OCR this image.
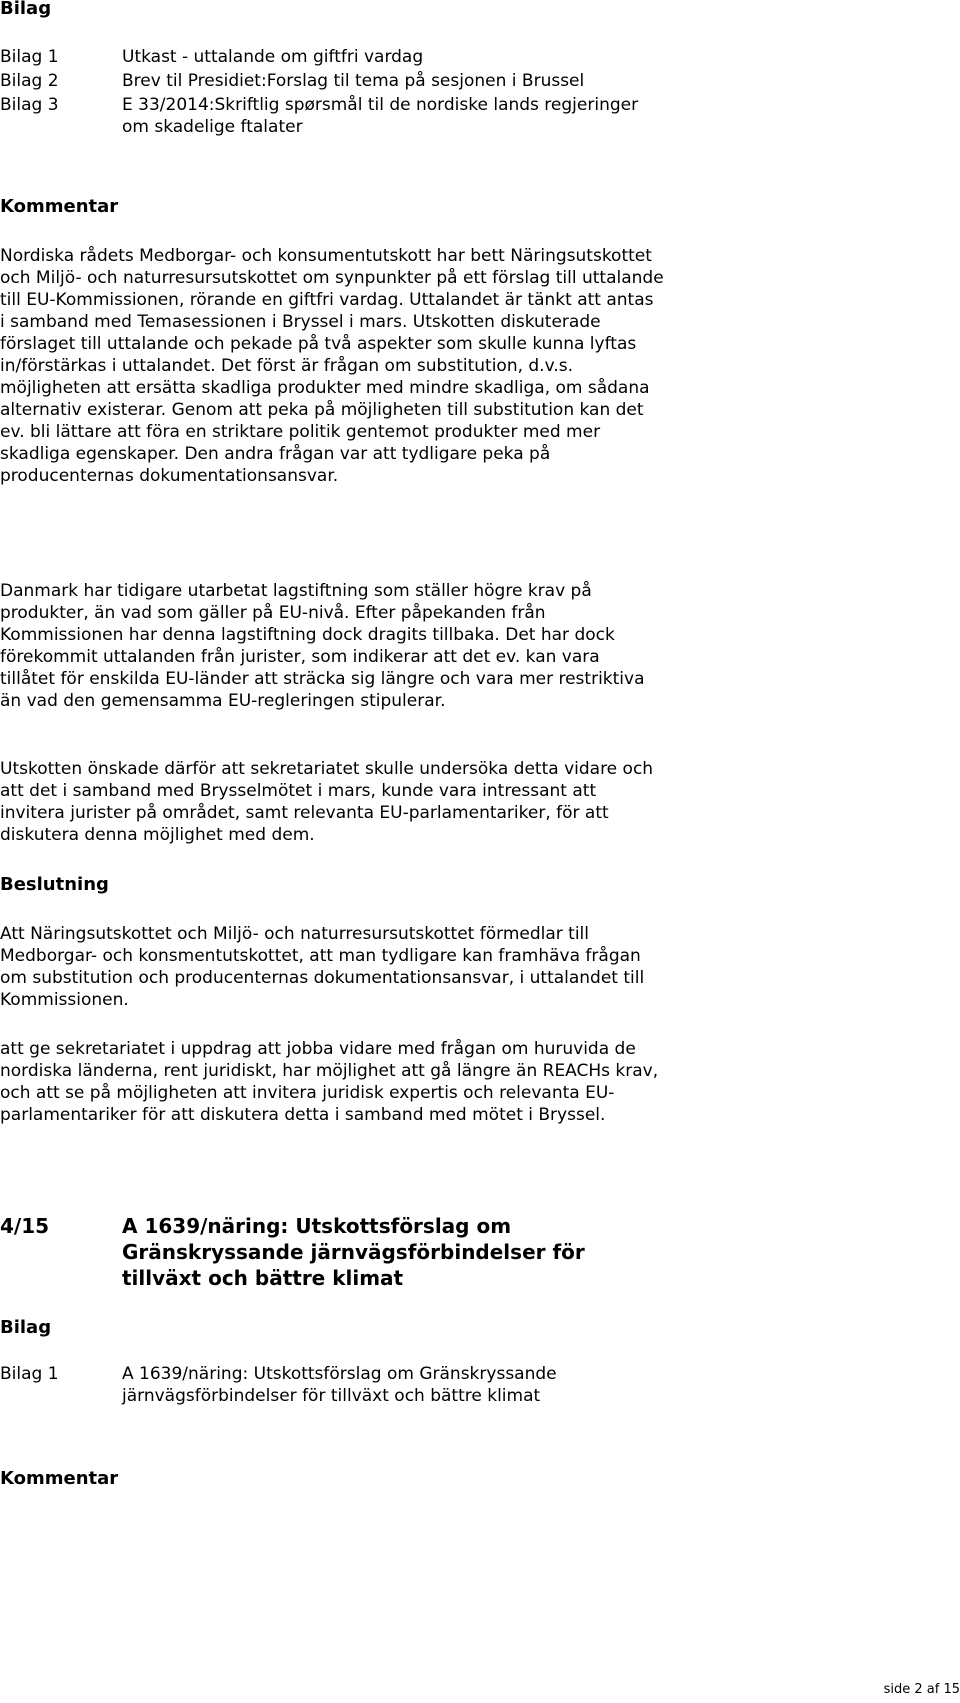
Bilag
Bilag 1	Utkast - uttalande om giftfri vardag
Bilag 2	Brev til Presidiet:Forslag til tema på sesjonen i Brussel
Bilag 3	E 33/2014:Skriftlig spørsmål til de nordiske lands regjeringer
om skadelige ftalater
Kommentar

Nordiska rådets Medborgar- och konsumentutskott har bett Näringsutskottet
och Miljö- och naturresursutskottet om synpunkter på ett förslag till uttalande
till EU-Kommissionen, rörande en giftfri vardag. Uttalandet är tänkt att antas
i samband med Temasessionen i Bryssel i mars. Utskotten diskuterade
förslaget till uttalande och pekade på två aspekter som skulle kunna lyftas
in/förstärkas i uttalandet. Det först är frågan om substitution, d.v.s.
möjligheten att ersätta skadliga produkter med mindre skadliga, om sådana
alternativ existerar. Genom att peka på möjligheten till substitution kan det
ev. bli lättare att föra en striktare politik gentemot produkter med mer
skadliga egenskaper. Den andra frågan var att tydligare peka på
producenternas dokumentationsansvar.

Danmark har tidigare utarbetat lagstiftning som ställer högre krav på
produkter, än vad som gäller på EU-nivå. Efter påpekanden från
Kommissionen har denna lagstiftning dock dragits tillbaka. Det har dock
förekommit uttalanden från jurister, som indikerar att det ev. kan vara
tillåtet för enskilda EU-länder att sträcka sig längre och vara mer restriktiva
än vad den gemensamma EU-regleringen stipulerar.

Utskotten önskade därför att sekretariatet skulle undersöka detta vidare och
att det i samband med Brysselmötet i mars, kunde vara intressant att
invitera jurister på området, samt relevanta EU-parlamentariker, för att
diskutera denna möjlighet med dem.

Beslutning

Att Näringsutskottet och Miljö- och naturresursutskottet förmedlar till
Medborgar- och konsmentutskottet, att man tydligare kan framhäva frågan
om substitution och producenternas dokumentationsansvar, i uttalandet till
Kommissionen.

att ge sekretariatet i uppdrag att jobba vidare med frågan om huruvida de
nordiska länderna, rent juridiskt, har möjlighet att gå längre än REACHs krav,
och att se på möjligheten att invitera juridisk expertis och relevanta EU-
parlamentariker för att diskutera detta i samband med mötet i Bryssel.

4/15	A 1639/näring: Utskottsförslag om
Gränskryssande järnvägsförbindelser för
tillväxt och bättre klimat
Bilag
Bilag 1	A 1639/näring: Utskottsförslag om Gränskryssande
järnvägsförbindelser för tillväxt och bättre klimat
Kommentar
side 2 af 15
